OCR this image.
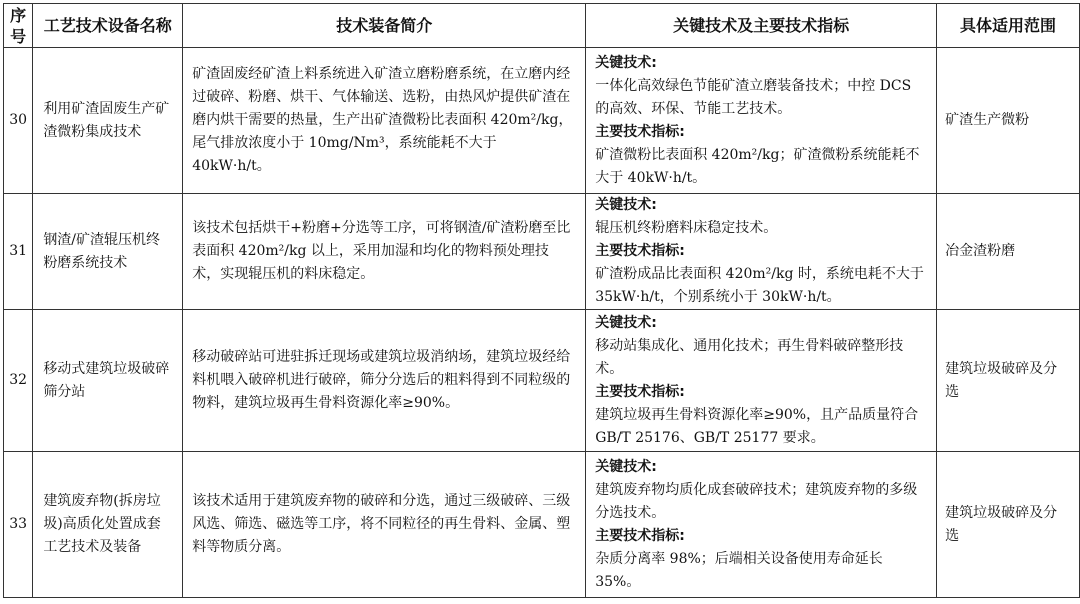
序号	工艺技术设备名称	技术装备简介	关键技术及主要技术指标	具体适用范围
30	利用矿渣固废生产矿渣微粉集成技术	矿渣固废经矿渣上料系统进入矿渣立磨粉磨系统，在立磨内经过破碎、粉磨、烘干、气体输送、选粉，由热风炉提供矿渣在磨内烘干需要的热量，生产出矿渣微粉比表面积 420m²/kg，尾气排放浓度小于 10mg/Nm³，系统能耗不大于 40kW·h/t。	关键技术:
一体化高效绿色节能矿渣立磨装备技术；中控 DCS 的高效、环保、节能工艺技术。
主要技术指标:
矿渣微粉比表面积 420m²/kg；矿渣微粉系统能耗不大于 40kW·h/t。	矿渣生产微粉
31	钢渣/矿渣辊压机终粉磨系统技术	该技术包括烘干+粉磨+分选等工序，可将钢渣/矿渣粉磨至比表面积 420m²/kg 以上，采用加湿和均化的物料预处理技术，实现辊压机的料床稳定。	关键技术:
辊压机终粉磨料床稳定技术。
主要技术指标:
矿渣粉成品比表面积 420m²/kg 时，系统电耗不大于 35kW·h/t，个别系统小于 30kW·h/t。	冶金渣粉磨
32	移动式建筑垃圾破碎筛分站	移动破碎站可进驻拆迁现场或建筑垃圾消纳场，建筑垃圾经给料机喂入破碎机进行破碎，筛分分选后的粗料得到不同粒级的物料，建筑垃圾再生骨料资源化率≥90%。	关键技术:
移动站集成化、通用化技术；再生骨料破碎整形技术。
主要技术指标:
建筑垃圾再生骨料资源化率≥90%，且产品质量符合 GB/T 25176、GB/T 25177 要求。	建筑垃圾破碎及分选
33	建筑废弃物(拆房垃圾)高质化处置成套工艺技术及装备	该技术适用于建筑废弃物的破碎和分选，通过三级破碎、三级风选、筛选、磁选等工序，将不同粒径的再生骨料、金属、塑料等物质分离。	关键技术:
建筑废弃物均质化成套破碎技术；建筑废弃物的多级分选技术。
主要技术指标:
杂质分离率 98%；后端相关设备使用寿命延长 35%。	建筑垃圾破碎及分选
